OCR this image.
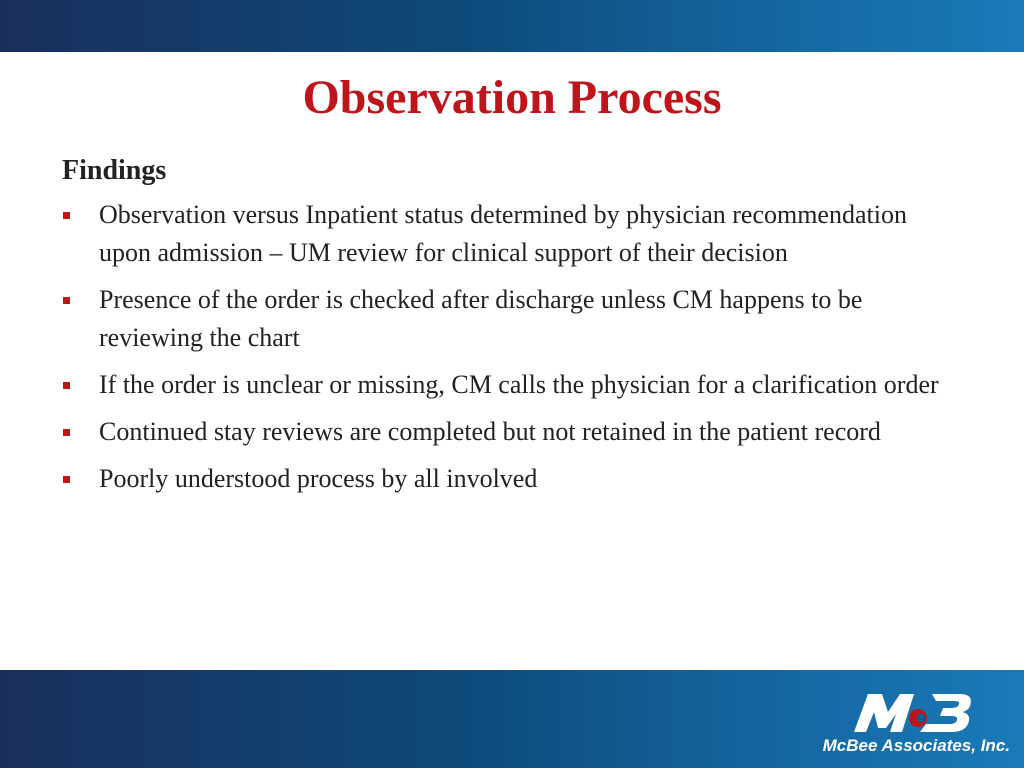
Observation Process
Findings
Observation versus Inpatient status determined by physician recommendation upon admission – UM review for clinical support of their decision
Presence of the order is checked after discharge unless CM happens to be reviewing the chart
If the order is unclear or missing, CM calls the physician for a clarification order
Continued stay reviews are completed but not retained in the patient record
Poorly understood process by all involved
McBee Associates, Inc.
